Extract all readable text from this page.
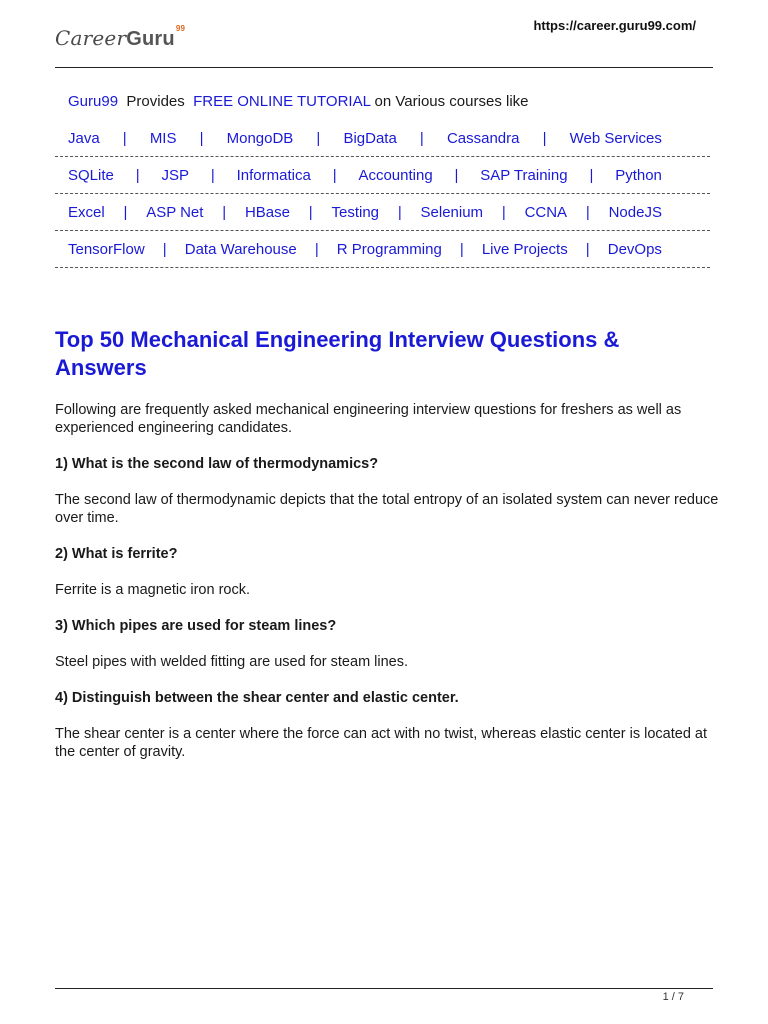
CareerGuru$^{99}$	https://career.guru99.com/
Guru99 Provides FREE ONLINE TUTORIAL on Various courses like
Java | MIS | MongoDB | BigData | Cassandra | Web Services
SQLite | JSP | Informatica | Accounting | SAP Training | Python
Excel | ASP Net | HBase | Testing | Selenium | CCNA | NodeJS
TensorFlow | Data Warehouse | R Programming | Live Projects | DevOps
Top 50 Mechanical Engineering Interview Questions & Answers

Following are frequently asked mechanical engineering interview questions for freshers as well as experienced engineering candidates.

1) What is the second law of thermodynamics?

The second law of thermodynamic depicts that the total entropy of an isolated system can never reduce over time.

2) What is ferrite?

Ferrite is a magnetic iron rock.

3) Which pipes are used for steam lines?

Steel pipes with welded fitting are used for steam lines.

4) Distinguish between the shear center and elastic center.

The shear center is a center where the force can act with no twist, whereas elastic center is located at the center of gravity.

1 / 7
